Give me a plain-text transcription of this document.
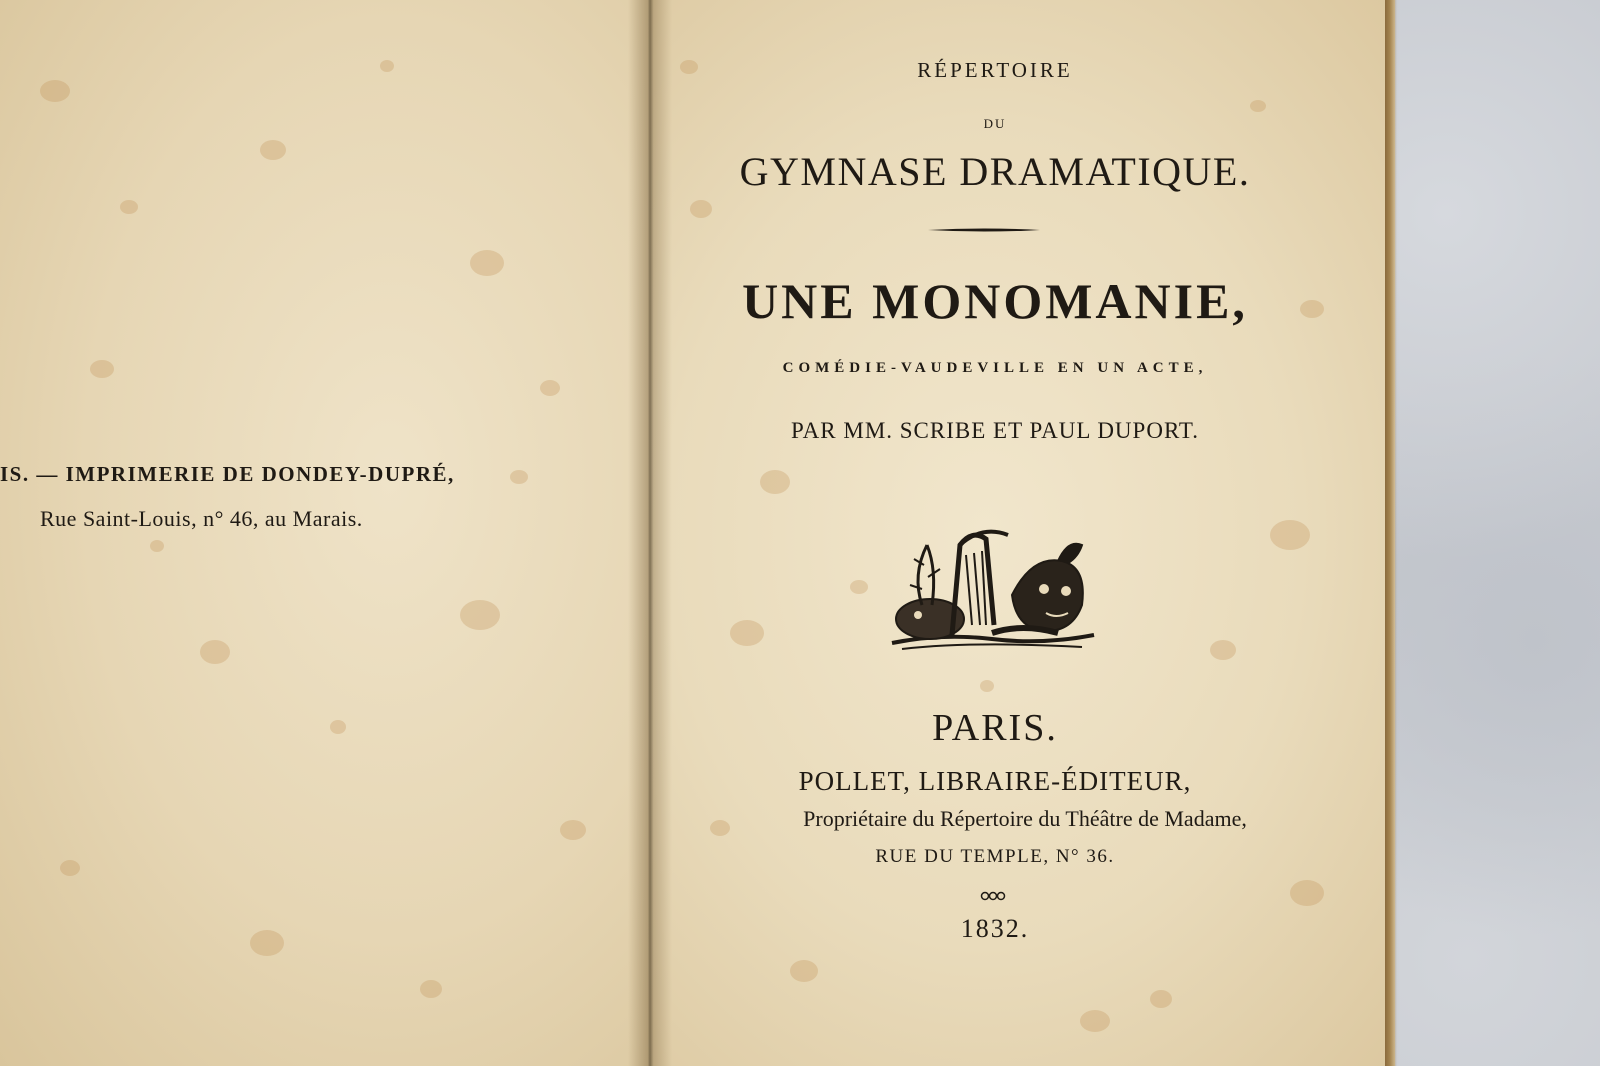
IS. — IMPRIMERIE DE DONDEY-DUPRÉ,
Rue Saint-Louis, n° 46, au Marais.
RÉPERTOIRE
DU
GYMNASE DRAMATIQUE.
UNE MONOMANIE,
COMÉDIE-VAUDEVILLE EN UN ACTE,
PAR MM. SCRIBE ET PAUL DUPORT.
PARIS.
POLLET, LIBRAIRE-ÉDITEUR,
Propriétaire du Répertoire du Théâtre de Madame,
RUE DU TEMPLE, N° 36.
1832.
